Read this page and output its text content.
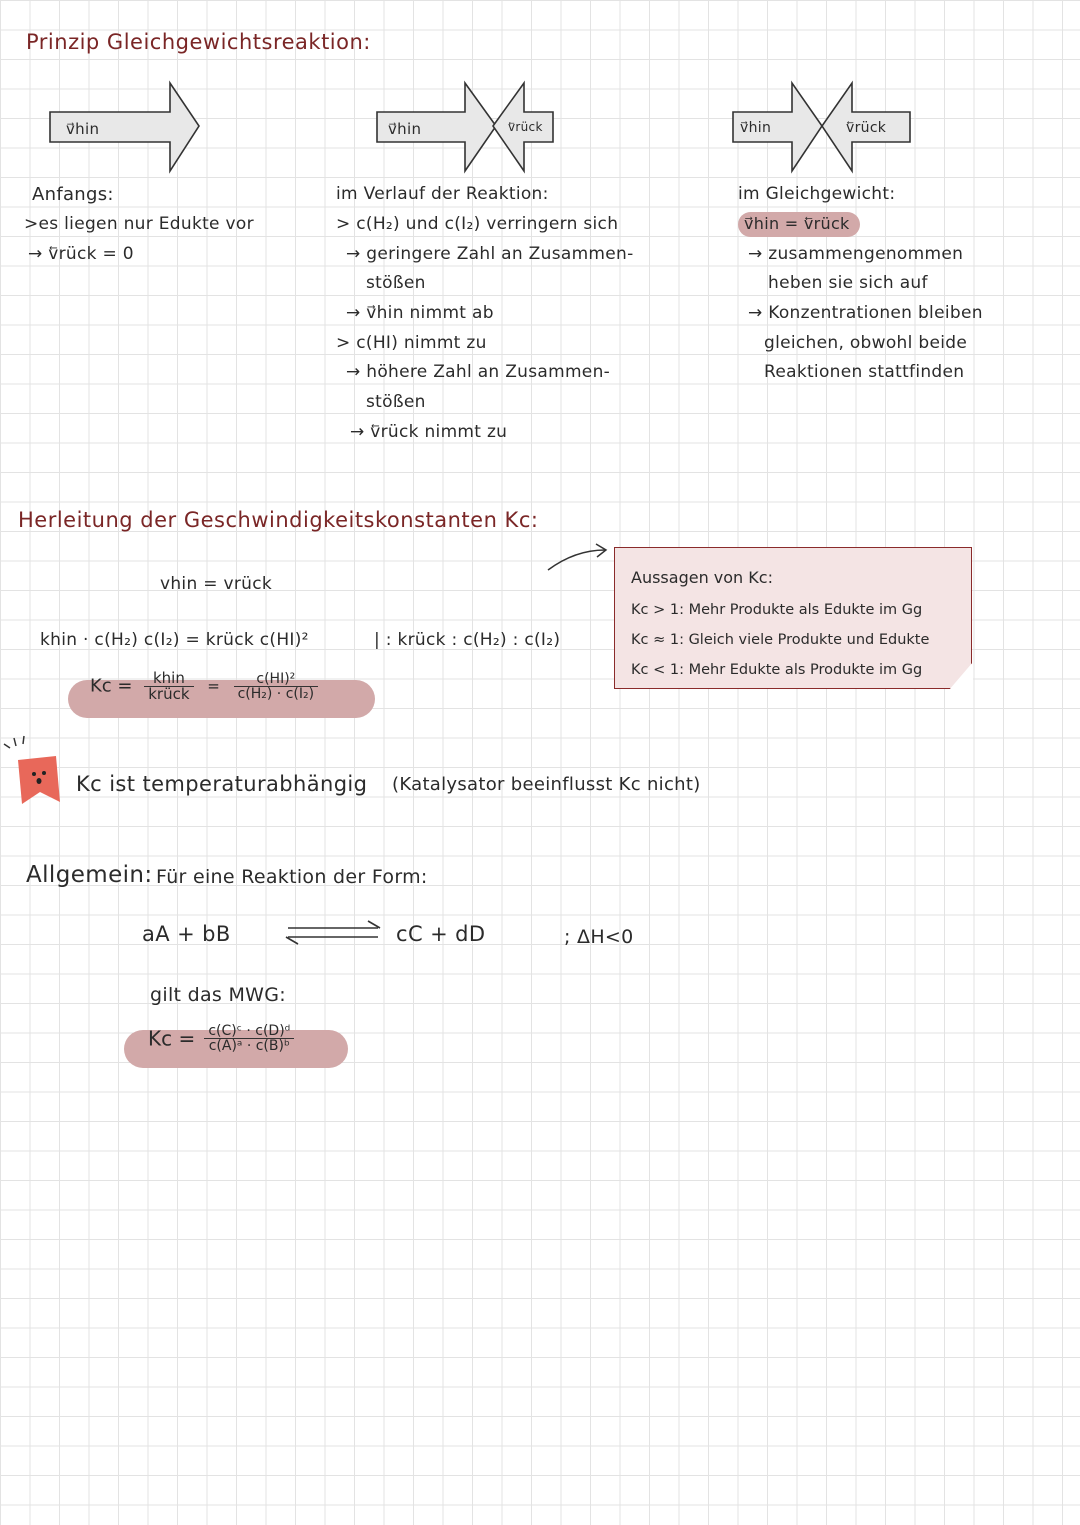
Prinzip Gleichgewichtsreaktion:
v⃗hin	v⃗hin	v⃖rück	v⃗hin	v⃖rück
Anfangs:
>es liegen nur Edukte vor
→ v⃖rück = 0
im Verlauf der Reaktion:
> c(H₂) und c(I₂) verringern sich
→ geringere Zahl an Zusammen-
stößen
→ v⃗hin nimmt ab
> c(HI) nimmt zu
→ höhere Zahl an Zusammen-
stößen
→ v⃖rück nimmt zu
im Gleichgewicht:
v⃗hin = v⃖rück
→ zusammengenommen
heben sie sich auf
→ Konzentrationen bleiben
gleichen, obwohl beide
Reaktionen stattfinden
Herleitung der Geschwindigkeitskonstanten Kc:
vhin = vrück
khin · c(H₂) c(I₂) = krück c(HI)²	| : krück : c(H₂) : c(I₂)
$Kc = \frac{\text{khin}}{\text{krück}} = \frac{\text{c(HI)²}}{\text{c(H₂) · c(I₂)}}$
Aussagen von Kc:
Kc > 1: Mehr Produkte als Edukte im Gg
Kc ≈ 1: Gleich viele Produkte und Edukte
Kc < 1: Mehr Edukte als Produkte im Gg
Kc ist temperaturabhängig (Katalysator beeinflusst Kc nicht)
Allgemein: Für eine Reaktion der Form:
aA + bB	cC + dD	; ΔH<0
gilt das MWG:
$Kc = \frac{\text{c(C)ᶜ · c(D)ᵈ}}{\text{c(A)ᵃ · c(B)ᵇ}}$
